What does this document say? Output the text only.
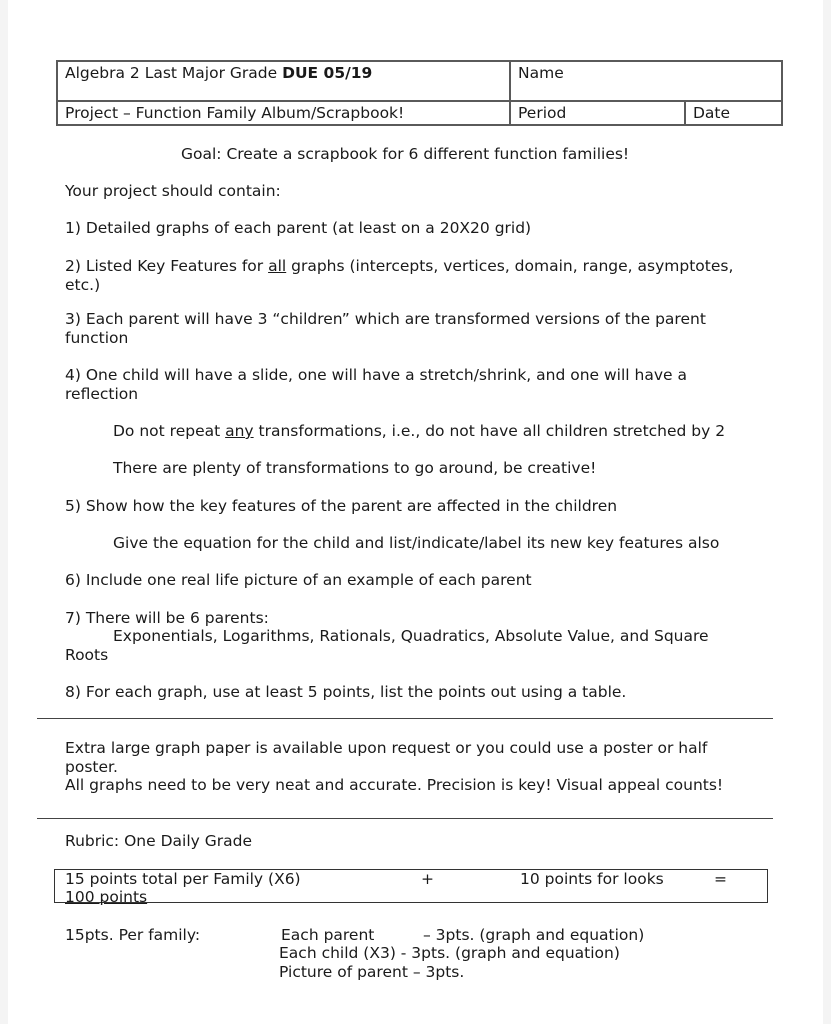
Algebra 2 Last Major Grade DUE 05/19	Name	
Project – Function Family Album/Scrapbook!	Period	Date
Goal: Create a scrapbook for 6 different function families!
Your project should contain:
1) Detailed graphs of each parent (at least on a 20X20 grid)
2) Listed Key Features for all graphs (intercepts, vertices, domain, range, asymptotes, etc.)
3) Each parent will have 3 “children” which are transformed versions of the parent function
4) One child will have a slide, one will have a stretch/shrink, and one will have a reflection
Do not repeat any transformations, i.e., do not have all children stretched by 2
There are plenty of transformations to go around, be creative!
5) Show how the key features of the parent are affected in the children
Give the equation for the child and list/indicate/label its new key features also
6) Include one real life picture of an example of each parent
7) There will be 6 parents:
Exponentials, Logarithms, Rationals, Quadratics, Absolute Value, and Square
Roots
8) For each graph, use at least 5 points, list the points out using a table.
Extra large graph paper is available upon request or you could use a poster or half poster.
All graphs need to be very neat and accurate. Precision is key! Visual appeal counts!
Rubric: One Daily Grade
15 points total per Family (X6)	+	10 points for looks	=
100 points
15pts. Per family:	Each parent	– 3pts. (graph and equation)
Each child (X3) - 3pts. (graph and equation)
Picture of parent – 3pts.
